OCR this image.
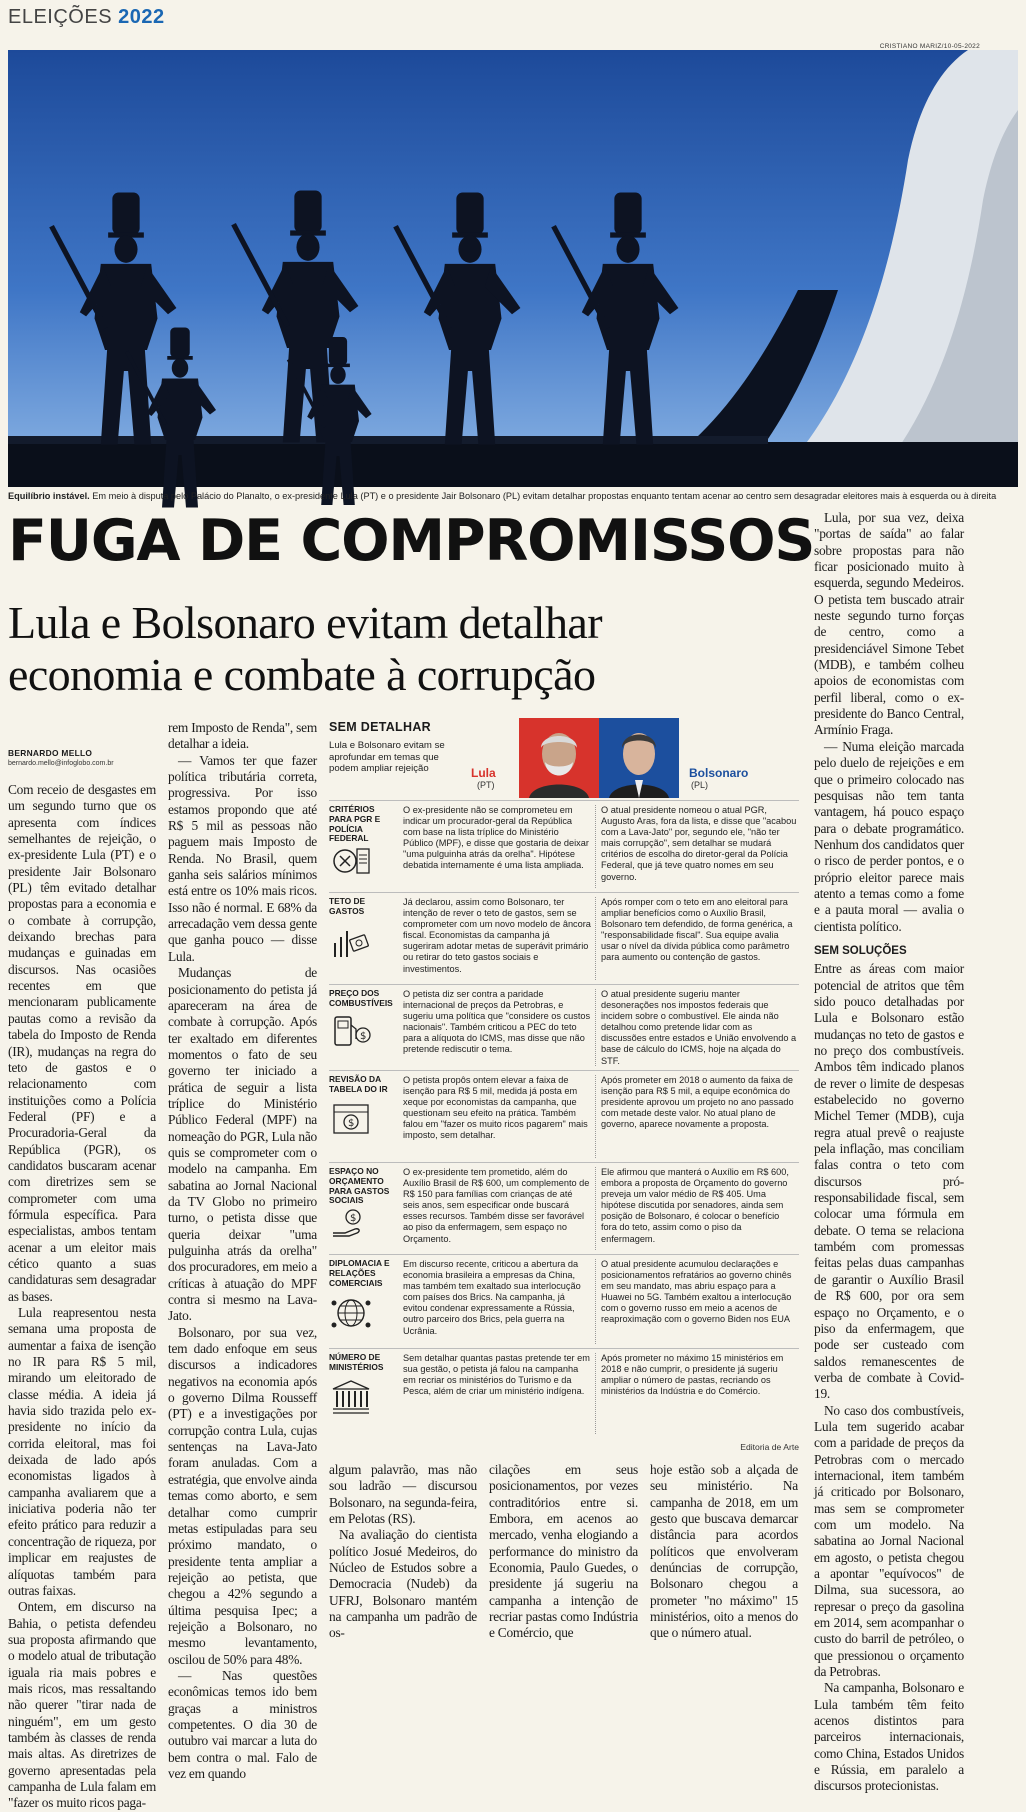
ELEIÇÕES 2022
CRISTIANO MARIZ/10-05-2022
Equilíbrio instável. Em meio à disputa pelo Palácio do Planalto, o ex-presidente Lula (PT) e o presidente Jair Bolsonaro (PL) evitam detalhar propostas enquanto tentam acenar ao centro sem desagradar eleitores mais à esquerda ou à direita
FUGA DE COMPROMISSOS
Lula e Bolsonaro evitam detalhar
economia e combate à corrupção
BERNARDO MELLO
bernardo.mello@infoglobo.com.br

Com receio de desgastes em um segundo turno que os apresenta com índices semelhantes de rejeição, o ex-presidente Lula (PT) e o presidente Jair Bolsonaro (PL) têm evitado detalhar propostas para a economia e o combate à corrupção, deixando brechas para mudanças e guinadas em discursos. Nas ocasiões recentes em que mencionaram publicamente pautas como a revisão da tabela do Imposto de Renda (IR), mudanças na regra do teto de gastos e o relacionamento com instituições como a Polícia Federal (PF) e a Procuradoria-Geral da República (PGR), os candidatos buscaram acenar com diretrizes sem se comprometer com uma fórmula específica. Para especialistas, ambos tentam acenar a um eleitor mais cético quanto a suas candidaturas sem desagradar as bases.

Lula reapresentou nesta semana uma proposta de aumentar a faixa de isenção no IR para R$ 5 mil, mirando um eleitorado de classe média. A ideia já havia sido trazida pelo ex-presidente no início da corrida eleitoral, mas foi deixada de lado após economistas ligados à campanha avaliarem que a iniciativa poderia não ter efeito prático para reduzir a concentração de riqueza, por implicar em reajustes de alíquotas também para outras faixas.

Ontem, em discurso na Bahia, o petista defendeu sua proposta afirmando que o modelo atual de tributação iguala ria mais pobres e mais ricos, mas ressaltando não querer "tirar nada de ninguém", em um gesto também às classes de renda mais altas. As diretrizes de governo apresentadas pela campanha de Lula falam em "fazer os muito ricos paga-

rem Imposto de Renda", sem detalhar a ideia.

— Vamos ter que fazer política tributária correta, progressiva. Por isso estamos propondo que até R$ 5 mil as pessoas não paguem mais Imposto de Renda. No Brasil, quem ganha seis salários mínimos está entre os 10% mais ricos. Isso não é normal. E 68% da arrecadação vem dessa gente que ganha pouco — disse Lula.

Mudanças de posicionamento do petista já apareceram na área de combate à corrupção. Após ter exaltado em diferentes momentos o fato de seu governo ter iniciado a prática de seguir a lista tríplice do Ministério Público Federal (MPF) na nomeação do PGR, Lula não quis se comprometer com o modelo na campanha. Em sabatina ao Jornal Nacional da TV Globo no primeiro turno, o petista disse que queria deixar "uma pulguinha atrás da orelha" dos procuradores, em meio a críticas à atuação do MPF contra si mesmo na Lava-Jato.

Bolsonaro, por sua vez, tem dado enfoque em seus discursos a indicadores negativos na economia após o governo Dilma Rousseff (PT) e a investigações por corrupção contra Lula, cujas sentenças na Lava-Jato foram anuladas. Com a estratégia, que envolve ainda temas como aborto, e sem detalhar como cumprir metas estipuladas para seu próximo mandato, o presidente tenta ampliar a rejeição ao petista, que chegou a 42% segundo a última pesquisa Ipec; a rejeição a Bolsonaro, no mesmo levantamento, oscilou de 50% para 48%.

— Nas questões econômicas temos ido bem graças a ministros competentes. O dia 30 de outubro vai marcar a luta do bem contra o mal. Falo de vez em quando

SEM DETALHAR
Lula e Bolsonaro evitam se aprofundar em temas que podem ampliar rejeição	Lula
(PT)
Bolsonaro
(PL)
CRITÉRIOS PARA PGR E POLÍCIA FEDERAL
O ex-presidente não se comprometeu em indicar um procurador-geral da República com base na lista tríplice do Ministério Público (MPF), e disse que gostaria de deixar "uma pulguinha atrás da orelha". Hipótese debatida internamente é uma lista ampliada.
O atual presidente nomeou o atual PGR, Augusto Aras, fora da lista, e disse que "acabou com a Lava-Jato" por, segundo ele, "não ter mais corrupção", sem detalhar se mudará critérios de escolha do diretor-geral da Polícia Federal, que já teve quatro nomes em seu governo.
TETO DE GASTOS
Já declarou, assim como Bolsonaro, ter intenção de rever o teto de gastos, sem se comprometer com um novo modelo de âncora fiscal. Economistas da campanha já sugeriram adotar metas de superávit primário ou retirar do teto gastos sociais e investimentos.
Após romper com o teto em ano eleitoral para ampliar benefícios como o Auxílio Brasil, Bolsonaro tem defendido, de forma genérica, a "responsabilidade fiscal". Sua equipe avalia usar o nível da dívida pública como parâmetro para aumento ou contenção de gastos.
PREÇO DOS COMBUSTÍVEIS
$
O petista diz ser contra a paridade internacional de preços da Petrobras, e sugeriu uma política que "considere os custos nacionais". Também criticou a PEC do teto para a alíquota do ICMS, mas disse que não pretende rediscutir o tema.
O atual presidente sugeriu manter desonerações nos impostos federais que incidem sobre o combustível. Ele ainda não detalhou como pretende lidar com as discussões entre estados e União envolvendo a base de cálculo do ICMS, hoje na alçada do STF.
REVISÃO DA TABELA DO IR
$
O petista propôs ontem elevar a faixa de isenção para R$ 5 mil, medida já posta em xeque por economistas da campanha, que questionam seu efeito na prática. Também falou em "fazer os muito ricos pagarem" mais imposto, sem detalhar.
Após prometer em 2018 o aumento da faixa de isenção para R$ 5 mil, a equipe econômica do presidente aprovou um projeto no ano passado com metade deste valor. No atual plano de governo, aparece novamente a proposta.
ESPAÇO NO ORÇAMENTO PARA GASTOS SOCIAIS
$
O ex-presidente tem prometido, além do Auxílio Brasil de R$ 600, um complemento de R$ 150 para famílias com crianças de até seis anos, sem especificar onde buscará esses recursos. Também disse ser favorável ao piso da enfermagem, sem espaço no Orçamento.
Ele afirmou que manterá o Auxílio em R$ 600, embora a proposta de Orçamento do governo preveja um valor médio de R$ 405. Uma hipótese discutida por senadores, ainda sem posição de Bolsonaro, é colocar o benefício fora do teto, assim como o piso da enfermagem.
DIPLOMACIA E RELAÇÕES COMERCIAIS
Em discurso recente, criticou a abertura da economia brasileira a empresas da China, mas também tem exaltado sua interlocução com países dos Brics. Na campanha, já evitou condenar expressamente a Rússia, outro parceiro dos Brics, pela guerra na Ucrânia.
O atual presidente acumulou declarações e posicionamentos refratários ao governo chinês em seu mandato, mas abriu espaço para a Huawei no 5G. Também exaltou a interlocução com o governo russo em meio a acenos de reaproximação com o governo Biden nos EUA
NÚMERO DE MINISTÉRIOS
Sem detalhar quantas pastas pretende ter em sua gestão, o petista já falou na campanha em recriar os ministérios do Turismo e da Pesca, além de criar um ministério indígena.
Após prometer no máximo 15 ministérios em 2018 e não cumprir, o presidente já sugeriu ampliar o número de pastas, recriando os ministérios da Indústria e do Comércio.
Editoria de Arte

algum palavrão, mas não sou ladrão — discursou Bolsonaro, na segunda-feira, em Pelotas (RS).

Na avaliação do cientista político Josué Medeiros, do Núcleo de Estudos sobre a Democracia (Nudeb) da UFRJ, Bolsonaro mantém na campanha um padrão de os-

cilações em seus posicionamentos, por vezes contraditórios entre si. Embora, em acenos ao mercado, venha elogiando a performance do ministro da Economia, Paulo Guedes, o presidente já sugeriu na campanha a intenção de recriar pastas como Indústria e Comércio, que

hoje estão sob a alçada de seu ministério. Na campanha de 2018, em um gesto que buscava demarcar distância para acordos políticos que envolveram denúncias de corrupção, Bolsonaro chegou a prometer "no máximo" 15 ministérios, oito a menos do que o número atual.

Lula, por sua vez, deixa "portas de saída" ao falar sobre propostas para não ficar posicionado muito à esquerda, segundo Medeiros. O petista tem buscado atrair neste segundo turno forças de centro, como a presidenciável Simone Tebet (MDB), e também colheu apoios de economistas com perfil liberal, como o ex-presidente do Banco Central, Armínio Fraga.

— Numa eleição marcada pelo duelo de rejeições e em que o primeiro colocado nas pesquisas não tem tanta vantagem, há pouco espaço para o debate programático. Nenhum dos candidatos quer o risco de perder pontos, e o próprio eleitor parece mais atento a temas como a fome e a pauta moral — avalia o cientista político.

SEM SOLUÇÕES

Entre as áreas com maior potencial de atritos que têm sido pouco detalhadas por Lula e Bolsonaro estão mudanças no teto de gastos e no preço dos combustíveis. Ambos têm indicado planos de rever o limite de despesas estabelecido no governo Michel Temer (MDB), cuja regra atual prevê o reajuste pela inflação, mas conciliam falas contra o teto com discursos pró-responsabilidade fiscal, sem colocar uma fórmula em debate. O tema se relaciona também com promessas feitas pelas duas campanhas de garantir o Auxílio Brasil de R$ 600, por ora sem espaço no Orçamento, e o piso da enfermagem, que pode ser custeado com saldos remanescentes de verba de combate à Covid-19.

No caso dos combustíveis, Lula tem sugerido acabar com a paridade de preços da Petrobras com o mercado internacional, item também já criticado por Bolsonaro, mas sem se comprometer com um modelo. Na sabatina ao Jornal Nacional em agosto, o petista chegou a apontar "equívocos" de Dilma, sua sucessora, ao represar o preço da gasolina em 2014, sem acompanhar o custo do barril de petróleo, o que pressionou o orçamento da Petrobras.

Na campanha, Bolsonaro e Lula também têm feito acenos distintos para parceiros internacionais, como China, Estados Unidos e Rússia, em paralelo a discursos protecionistas.
